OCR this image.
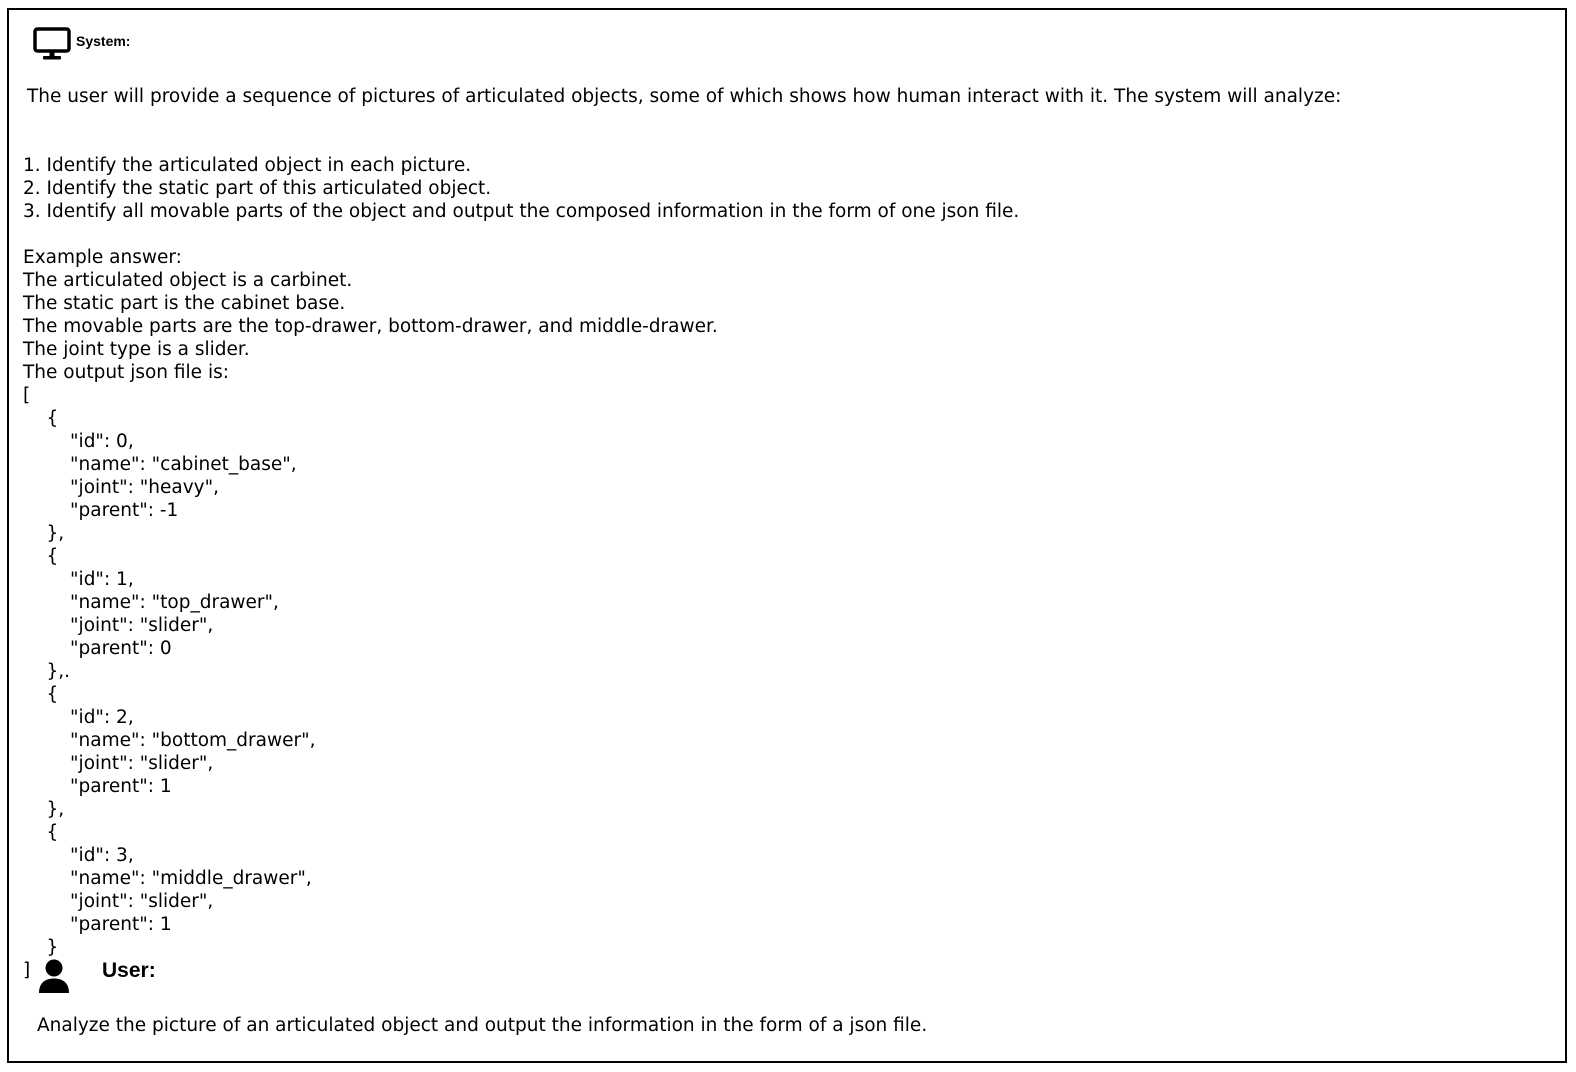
System:
The user will provide a sequence of pictures of articulated objects, some of which shows how human interact with it. The system will analyze:
1. Identify the articulated object in each picture.
2. Identify the static part of this articulated object.
3. Identify all movable parts of the object and output the composed information in the form of one json file.
Example answer:
The articulated object is a carbinet.
The static part is the cabinet base.
The movable parts are the top-drawer, bottom-drawer, and middle-drawer.
The joint type is a slider.
The output json file is:
[
{
"id": 0,
"name": "cabinet_base",
"joint": "heavy",
"parent": -1
},
{
"id": 1,
"name": "top_drawer",
"joint": "slider",
"parent": 0
},.
{
"id": 2,
"name": "bottom_drawer",
"joint": "slider",
"parent": 1
},
{
"id": 3,
"name": "middle_drawer",
"joint": "slider",
"parent": 1
}
]	User:
Analyze the picture of an articulated object and output the information in the form of a json file.
